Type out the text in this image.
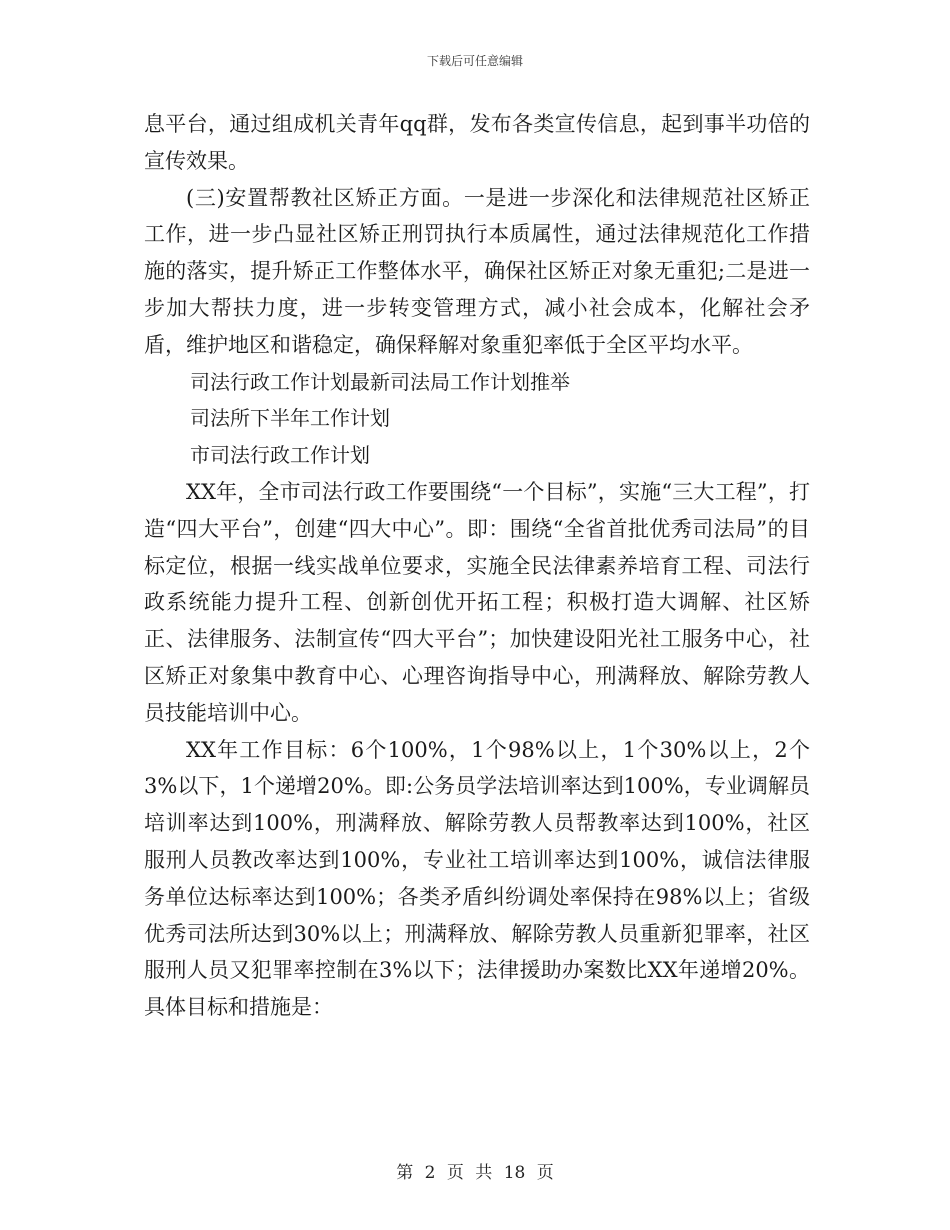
下载后可任意编辑

息平台，通过组成机关青年qq群，发布各类宣传信息，起到事半功倍的宣传效果。

(三)安置帮教社区矫正方面。一是进一步深化和法律规范社区矫正工作，进一步凸显社区矫正刑罚执行本质属性，通过法律规范化工作措施的落实，提升矫正工作整体水平，确保社区矫正对象无重犯;二是进一步加大帮扶力度，进一步转变管理方式，减小社会成本，化解社会矛盾，维护地区和谐稳定，确保释解对象重犯率低于全区平均水平。

司法行政工作计划最新司法局工作计划推举

司法所下半年工作计划

市司法行政工作计划

XX年，全市司法行政工作要围绕“一个目标”，实施“三大工程”，打造“四大平台”，创建“四大中心”。即：围绕“全省首批优秀司法局”的目标定位，根据一线实战单位要求，实施全民法律素养培育工程、司法行政系统能力提升工程、创新创优开拓工程；积极打造大调解、社区矫正、法律服务、法制宣传“四大平台”；加快建设阳光社工服务中心，社区矫正对象集中教育中心、心理咨询指导中心，刑满释放、解除劳教人员技能培训中心。

XX年工作目标：6个100%，1个98%以上，1个30%以上，2个3%以下，1个递增20%。即:公务员学法培训率达到100%，专业调解员培训率达到100%，刑满释放、解除劳教人员帮教率达到100%，社区服刑人员教改率达到100%，专业社工培训率达到100%，诚信法律服务单位达标率达到100%；各类矛盾纠纷调处率保持在98%以上；省级优秀司法所达到30%以上；刑满释放、解除劳教人员重新犯罪率，社区服刑人员又犯罪率控制在3%以下；法律援助办案数比XX年递增20%。具体目标和措施是：

第 2 页 共 18 页
